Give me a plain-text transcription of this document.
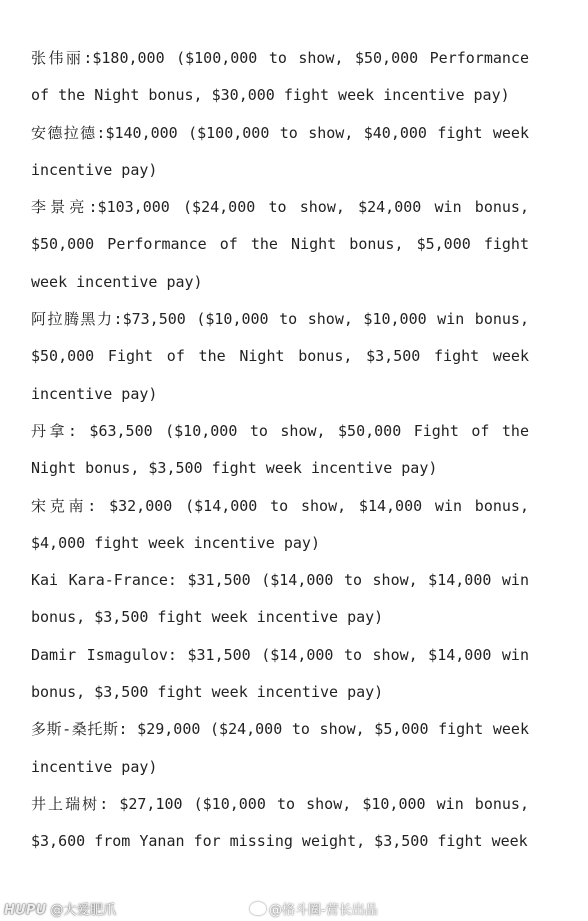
张伟丽:$180,000 ($100,000 to show, $50,000 Performance of the Night bonus, $30,000 fight week incentive pay)

安德拉德:$140,000 ($100,000 to show, $40,000 fight week incentive pay)

李景亮:$103,000 ($24,000 to show, $24,000 win bonus, $50,000 Performance of the Night bonus, $5,000 fight week incentive pay)

阿拉腾黑力:$73,500 ($10,000 to show, $10,000 win bonus, $50,000 Fight of the Night bonus, $3,500 fight week incentive pay)

丹拿: $63,500 ($10,000 to show, $50,000 Fight of the Night bonus, $3,500 fight week incentive pay)

宋克南: $32,000 ($14,000 to show, $14,000 win bonus, $4,000 fight week incentive pay)

Kai Kara-France: $31,500 ($14,000 to show, $14,000 win bonus, $3,500 fight week incentive pay)

Damir Ismagulov: $31,500 ($14,000 to show, $14,000 win bonus, $3,500 fight week incentive pay)

多斯-桑托斯: $29,000 ($24,000 to show, $5,000 fight week incentive pay)

井上瑞树: $27,100 ($10,000 to show, $10,000 win bonus, $3,600 from Yanan for missing weight, $3,500 fight week

HUPU @大爱肥爪	@格斗圈-营长出品
